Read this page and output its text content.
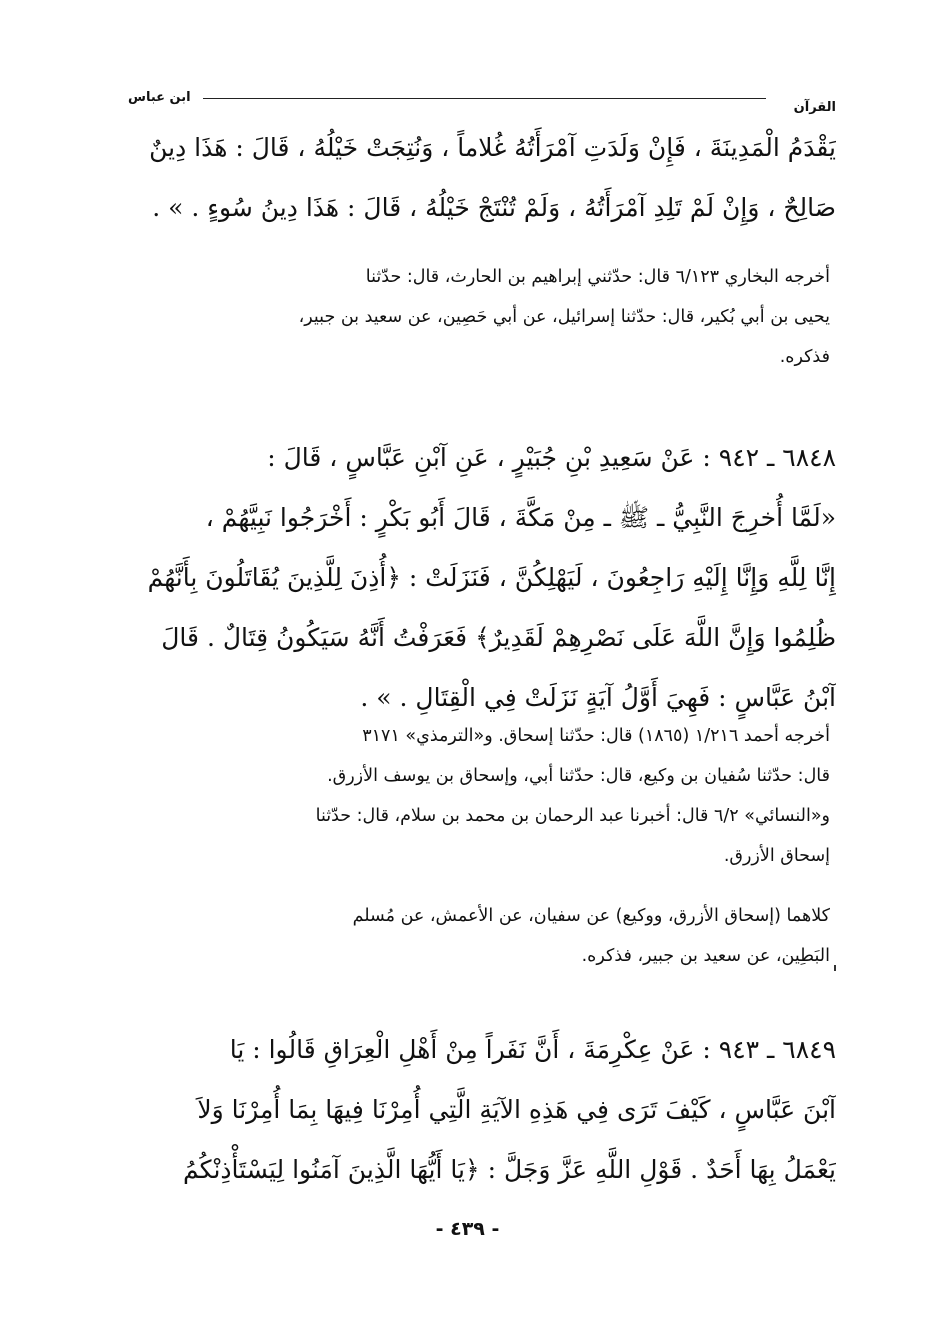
القرآن
ابن عباس
يَقْدَمُ الْمَدِينَةَ ، فَإِنْ وَلَدَتِ آمْرَأَتُهُ غُلاماً ، وَنُتِجَتْ خَيْلُهُ ، قَالَ : هَذَا دِينٌ
صَالِحٌ ، وَإِنْ لَمْ تَلِدِ آمْرَأَتُهُ ، وَلَمْ تُنْتَجْ خَيْلُهُ ، قَالَ : هَذَا دِينُ سُوءٍ . » .
أخرجه البخاري ٦/١٢٣ قال: حدّثني إبراهيم بن الحارث، قال: حدّثنا
يحيى بن أبي بُكير، قال: حدّثنا إسرائيل، عن أبي حَصِين، عن سعيد بن جبير،
فذكره.
٦٨٤٨ ـ ٩٤٢ : عَنْ سَعِيدِ بْنِ جُبَيْرٍ ، عَنِ آبْنِ عَبَّاسٍ ، قَالَ :
«لَمَّا أُخرِجَ النَّبِيُّ ـ ﷺ ـ مِنْ مَكَّةَ ، قَالَ أَبُو بَكْرٍ : أَخْرَجُوا نَبِيَّهُمْ ،
إِنَّا لِلَّهِ وَإِنَّا إِلَيْهِ رَاجِعُونَ ، لَيَهْلِكُنَّ ، فَنَزَلَتْ : ﴿أُذِنَ لِلَّذِينَ يُقَاتَلُونَ بِأَنَّهُمْ
ظُلِمُوا وَإِنَّ اللَّهَ عَلَى نَصْرِهِمْ لَقَدِيرٌ﴾ فَعَرَفْتُ أَنَّهُ سَيَكُونُ قِتَالٌ . قَالَ
آبْنُ عَبَّاسٍ : فَهِيَ أَوَّلُ آيَةٍ نَزَلَتْ فِي الْقِتَالِ . » .
أخرجه أحمد ١/٢١٦ (١٨٦٥) قال: حدّثنا إسحاق. و«الترمذي» ٣١٧١
قال: حدّثنا سُفيان بن وكيع، قال: حدّثنا أبي، وإسحاق بن يوسف الأزرق.
و«النسائي» ٦/٢ قال: أخبرنا عبد الرحمان بن محمد بن سلام، قال: حدّثنا
إسحاق الأزرق.
كلاهما (إسحاق الأزرق، ووكيع) عن سفيان، عن الأعمش، عن مُسلم
البَطِين، عن سعيد بن جبير، فذكره.
٦٨٤٩ ـ ٩٤٣ : عَنْ عِكْرِمَةَ ، أَنَّ نَفَراً مِنْ أَهْلِ الْعِرَاقِ قَالُوا : يَا
آبْنَ عَبَّاسٍ ، كَيْفَ تَرَى فِي هَذِهِ الآيَةِ الَّتِي أُمِرْنَا فِيهَا بِمَا أُمِرْنَا وَلاَ
يَعْمَلُ بِهَا أَحَدٌ . قَوْلِ اللَّهِ عَزَّ وَجَلَّ : ﴿يَا أَيُّهَا الَّذِينَ آمَنُوا لِيَسْتَأْذِنْكُمُ
- ٤٣٩ -
